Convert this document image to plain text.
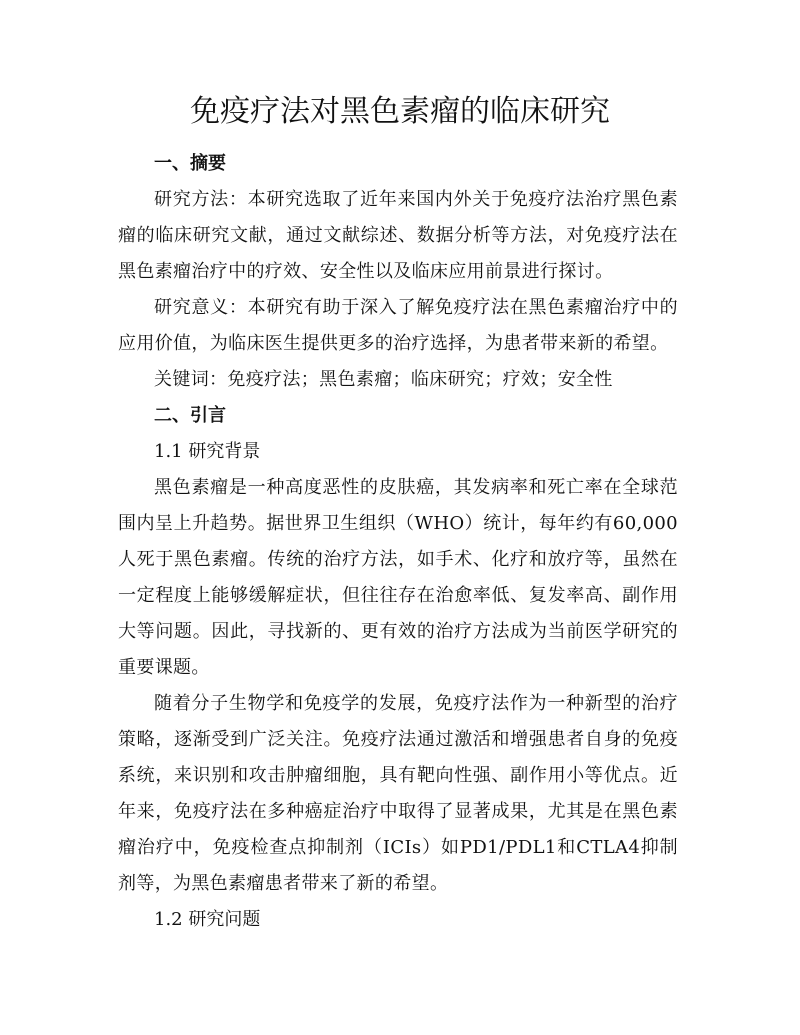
免疫疗法对黑色素瘤的临床研究
一、摘要

研究方法：本研究选取了近年来国内外关于免疫疗法治疗黑色素瘤的临床研究文献，通过文献综述、数据分析等方法，对免疫疗法在黑色素瘤治疗中的疗效、安全性以及临床应用前景进行探讨。

研究意义：本研究有助于深入了解免疫疗法在黑色素瘤治疗中的应用价值，为临床医生提供更多的治疗选择，为患者带来新的希望。

关键词：免疫疗法；黑色素瘤；临床研究；疗效；安全性

二、引言
1.1 研究背景

黑色素瘤是一种高度恶性的皮肤癌，其发病率和死亡率在全球范围内呈上升趋势。据世界卫生组织（WHO）统计，每年约有60,000人死于黑色素瘤。传统的治疗方法，如手术、化疗和放疗等，虽然在一定程度上能够缓解症状，但往往存在治愈率低、复发率高、副作用大等问题。因此，寻找新的、更有效的治疗方法成为当前医学研究的重要课题。

随着分子生物学和免疫学的发展，免疫疗法作为一种新型的治疗策略，逐渐受到广泛关注。免疫疗法通过激活和增强患者自身的免疫系统，来识别和攻击肿瘤细胞，具有靶向性强、副作用小等优点。近年来，免疫疗法在多种癌症治疗中取得了显著成果，尤其是在黑色素瘤治疗中，免疫检查点抑制剂（ICIs）如PD1/PDL1和CTLA4抑制剂等，为黑色素瘤患者带来了新的希望。

1.2 研究问题
